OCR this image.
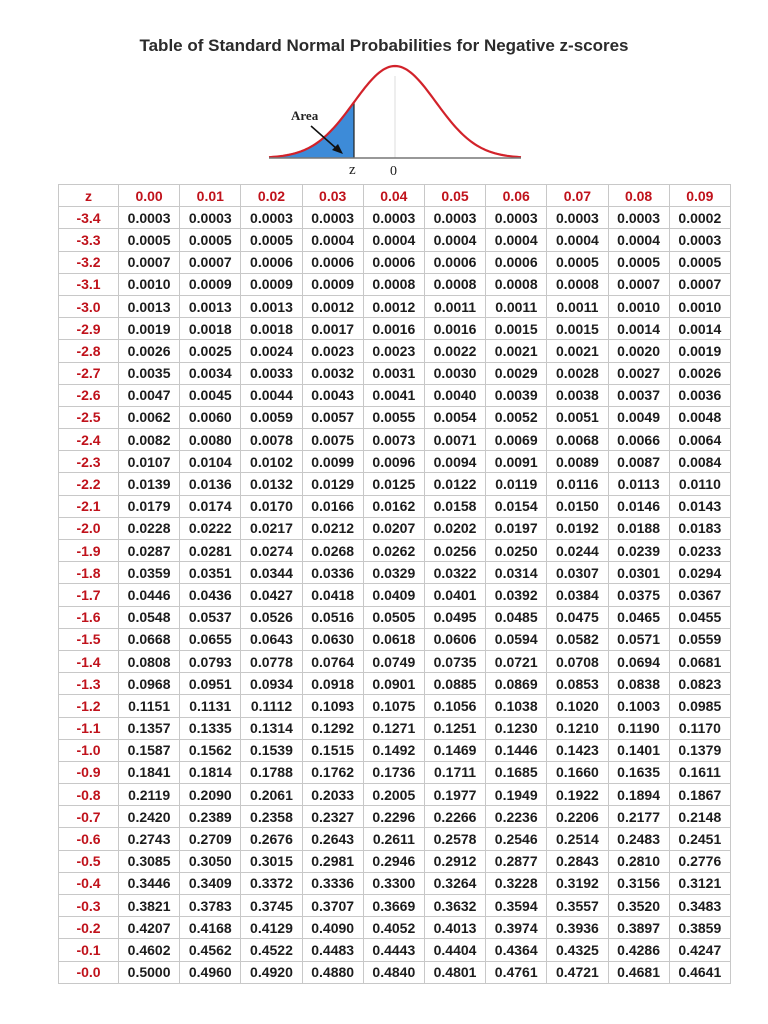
Table of Standard Normal Probabilities for Negative z-scores
Area
z 0
z	0.00	0.01	0.02	0.03	0.04	0.05	0.06	0.07	0.08	0.09
-3.4	0.0003	0.0003	0.0003	0.0003	0.0003	0.0003	0.0003	0.0003	0.0003	0.0002
-3.3	0.0005	0.0005	0.0005	0.0004	0.0004	0.0004	0.0004	0.0004	0.0004	0.0003
-3.2	0.0007	0.0007	0.0006	0.0006	0.0006	0.0006	0.0006	0.0005	0.0005	0.0005
-3.1	0.0010	0.0009	0.0009	0.0009	0.0008	0.0008	0.0008	0.0008	0.0007	0.0007
-3.0	0.0013	0.0013	0.0013	0.0012	0.0012	0.0011	0.0011	0.0011	0.0010	0.0010
-2.9	0.0019	0.0018	0.0018	0.0017	0.0016	0.0016	0.0015	0.0015	0.0014	0.0014
-2.8	0.0026	0.0025	0.0024	0.0023	0.0023	0.0022	0.0021	0.0021	0.0020	0.0019
-2.7	0.0035	0.0034	0.0033	0.0032	0.0031	0.0030	0.0029	0.0028	0.0027	0.0026
-2.6	0.0047	0.0045	0.0044	0.0043	0.0041	0.0040	0.0039	0.0038	0.0037	0.0036
-2.5	0.0062	0.0060	0.0059	0.0057	0.0055	0.0054	0.0052	0.0051	0.0049	0.0048
-2.4	0.0082	0.0080	0.0078	0.0075	0.0073	0.0071	0.0069	0.0068	0.0066	0.0064
-2.3	0.0107	0.0104	0.0102	0.0099	0.0096	0.0094	0.0091	0.0089	0.0087	0.0084
-2.2	0.0139	0.0136	0.0132	0.0129	0.0125	0.0122	0.0119	0.0116	0.0113	0.0110
-2.1	0.0179	0.0174	0.0170	0.0166	0.0162	0.0158	0.0154	0.0150	0.0146	0.0143
-2.0	0.0228	0.0222	0.0217	0.0212	0.0207	0.0202	0.0197	0.0192	0.0188	0.0183
-1.9	0.0287	0.0281	0.0274	0.0268	0.0262	0.0256	0.0250	0.0244	0.0239	0.0233
-1.8	0.0359	0.0351	0.0344	0.0336	0.0329	0.0322	0.0314	0.0307	0.0301	0.0294
-1.7	0.0446	0.0436	0.0427	0.0418	0.0409	0.0401	0.0392	0.0384	0.0375	0.0367
-1.6	0.0548	0.0537	0.0526	0.0516	0.0505	0.0495	0.0485	0.0475	0.0465	0.0455
-1.5	0.0668	0.0655	0.0643	0.0630	0.0618	0.0606	0.0594	0.0582	0.0571	0.0559
-1.4	0.0808	0.0793	0.0778	0.0764	0.0749	0.0735	0.0721	0.0708	0.0694	0.0681
-1.3	0.0968	0.0951	0.0934	0.0918	0.0901	0.0885	0.0869	0.0853	0.0838	0.0823
-1.2	0.1151	0.1131	0.1112	0.1093	0.1075	0.1056	0.1038	0.1020	0.1003	0.0985
-1.1	0.1357	0.1335	0.1314	0.1292	0.1271	0.1251	0.1230	0.1210	0.1190	0.1170
-1.0	0.1587	0.1562	0.1539	0.1515	0.1492	0.1469	0.1446	0.1423	0.1401	0.1379
-0.9	0.1841	0.1814	0.1788	0.1762	0.1736	0.1711	0.1685	0.1660	0.1635	0.1611
-0.8	0.2119	0.2090	0.2061	0.2033	0.2005	0.1977	0.1949	0.1922	0.1894	0.1867
-0.7	0.2420	0.2389	0.2358	0.2327	0.2296	0.2266	0.2236	0.2206	0.2177	0.2148
-0.6	0.2743	0.2709	0.2676	0.2643	0.2611	0.2578	0.2546	0.2514	0.2483	0.2451
-0.5	0.3085	0.3050	0.3015	0.2981	0.2946	0.2912	0.2877	0.2843	0.2810	0.2776
-0.4	0.3446	0.3409	0.3372	0.3336	0.3300	0.3264	0.3228	0.3192	0.3156	0.3121
-0.3	0.3821	0.3783	0.3745	0.3707	0.3669	0.3632	0.3594	0.3557	0.3520	0.3483
-0.2	0.4207	0.4168	0.4129	0.4090	0.4052	0.4013	0.3974	0.3936	0.3897	0.3859
-0.1	0.4602	0.4562	0.4522	0.4483	0.4443	0.4404	0.4364	0.4325	0.4286	0.4247
-0.0	0.5000	0.4960	0.4920	0.4880	0.4840	0.4801	0.4761	0.4721	0.4681	0.4641
